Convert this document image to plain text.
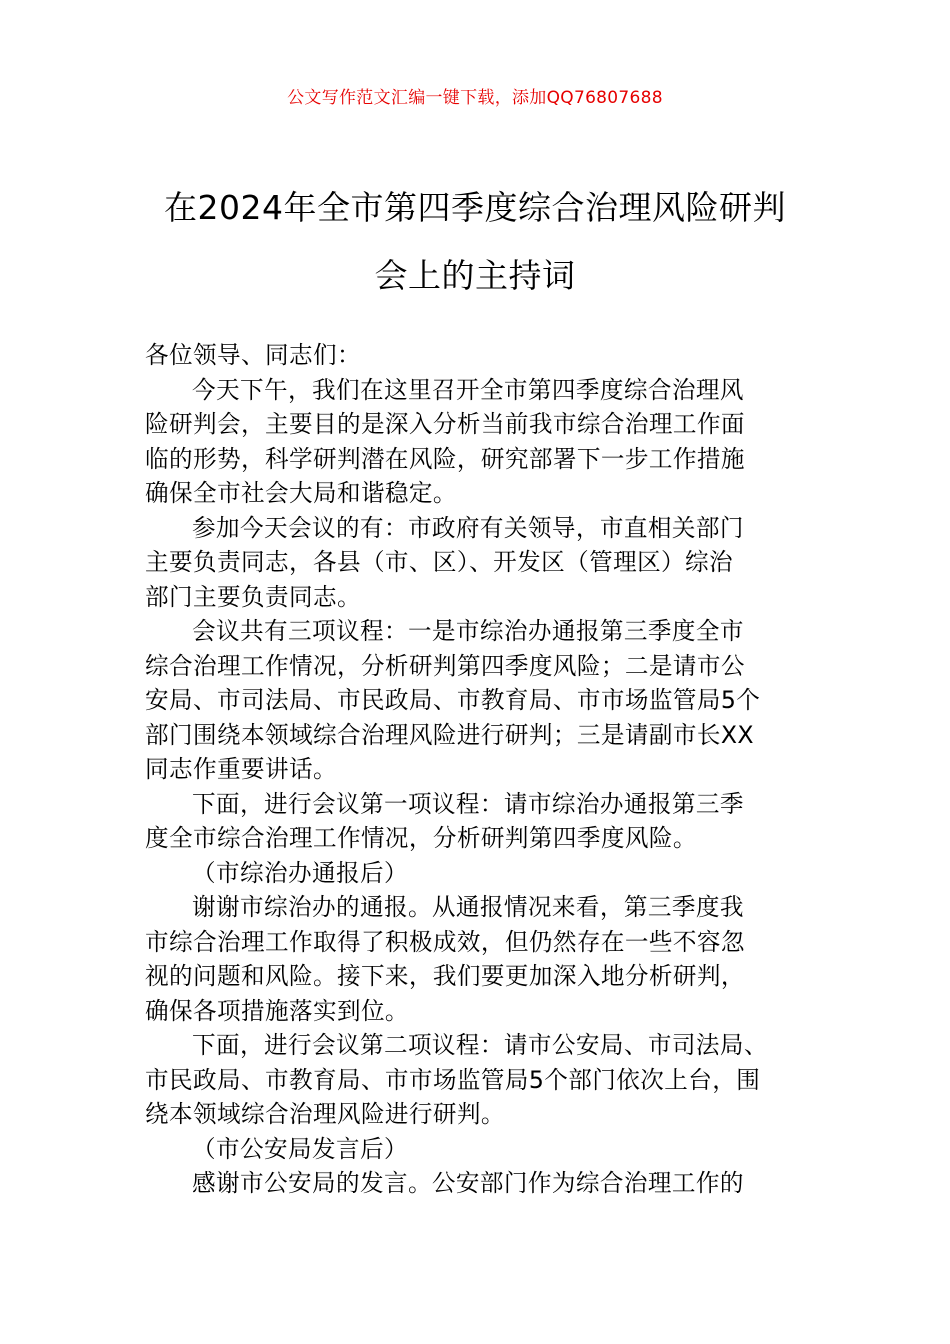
公文写作范文汇编一键下载，添加QQ76807688
在2024年全市第四季度综合治理风险研判
会上的主持词
各位领导、同志们：
今天下午，我们在这里召开全市第四季度综合治理风
险研判会，主要目的是深入分析当前我市综合治理工作面
临的形势，科学研判潜在风险，研究部署下一步工作措施
确保全市社会大局和谐稳定。
参加今天会议的有：市政府有关领导，市直相关部门
主要负责同志，各县（市、区）、开发区（管理区）综治
部门主要负责同志。
会议共有三项议程：一是市综治办通报第三季度全市
综合治理工作情况，分析研判第四季度风险；二是请市公
安局、市司法局、市民政局、市教育局、市市场监管局5个
部门围绕本领域综合治理风险进行研判；三是请副市长XX
同志作重要讲话。
下面，进行会议第一项议程：请市综治办通报第三季
度全市综合治理工作情况，分析研判第四季度风险。
（市综治办通报后）
谢谢市综治办的通报。从通报情况来看，第三季度我
市综合治理工作取得了积极成效，但仍然存在一些不容忽
视的问题和风险。接下来，我们要更加深入地分析研判，
确保各项措施落实到位。
下面，进行会议第二项议程：请市公安局、市司法局、
市民政局、市教育局、市市场监管局5个部门依次上台，围
绕本领域综合治理风险进行研判。
（市公安局发言后）
感谢市公安局的发言。公安部门作为综合治理工作的
